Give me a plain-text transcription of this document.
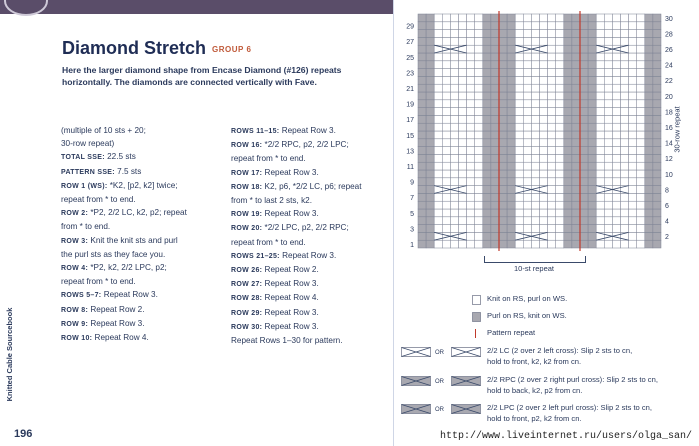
Diamond Stretch GROUP 6
Here the larger diamond shape from Encase Diamond (#126) repeats horizontally. The diamonds are connected vertically with Fave.

(multiple of 10 sts + 20;

30-row repeat)

TOTAL SSE: 22.5 sts

PATTERN SSE: 7.5 sts

ROW 1 (WS): *K2, [p2, k2] twice;

repeat from * to end.

ROW 2: *P2, 2/2 LC, k2, p2; repeat

from * to end.

ROW 3: Knit the knit sts and purl

the purl sts as they face you.

ROW 4: *P2, k2, 2/2 LPC, p2;

repeat from * to end.

ROWS 5–7: Repeat Row 3.

ROW 8: Repeat Row 2.

ROW 9: Repeat Row 3.

ROW 10: Repeat Row 4.

ROWS 11–15: Repeat Row 3.

ROW 16: *2/2 RPC, p2, 2/2 LPC;

repeat from * to end.

ROW 17: Repeat Row 3.

ROW 18: K2, p6, *2/2 LC, p6; repeat

from * to last 2 sts, k2.

ROW 19: Repeat Row 3.

ROW 20: *2/2 LPC, p2, 2/2 RPC;

repeat from * to end.

ROWS 21–25: Repeat Row 3.

ROW 26: Repeat Row 2.

ROW 27: Repeat Row 3.

ROW 28: Repeat Row 4.

ROW 29: Repeat Row 3.

ROW 30: Repeat Row 3.

Repeat Rows 1–30 for pattern.

Knitted Cable Sourcebook
196
29
27
25
23
21
19
17
15
13
11
9
7
5
3
1
30
28
26
24
22
20
18
16
14
12
10
8
6
4
2
10-st repeat
30-row repeat
Knit on RS, purl on WS.
Purl on RS, knit on WS.
Pattern repeat
2/2 LC (2 over 2 left cross): Slip 2 sts to cn,
hold to front, k2, k2 from cn.
2/2 RPC (2 over 2 right purl cross): Slip 2 sts to cn,
hold to back, k2, p2 from cn.
2/2 LPC (2 over 2 left purl cross): Slip 2 sts to cn,
hold to front, p2, k2 from cn.
http://www.liveinternet.ru/users/olga_san/
OR
OR
OR
